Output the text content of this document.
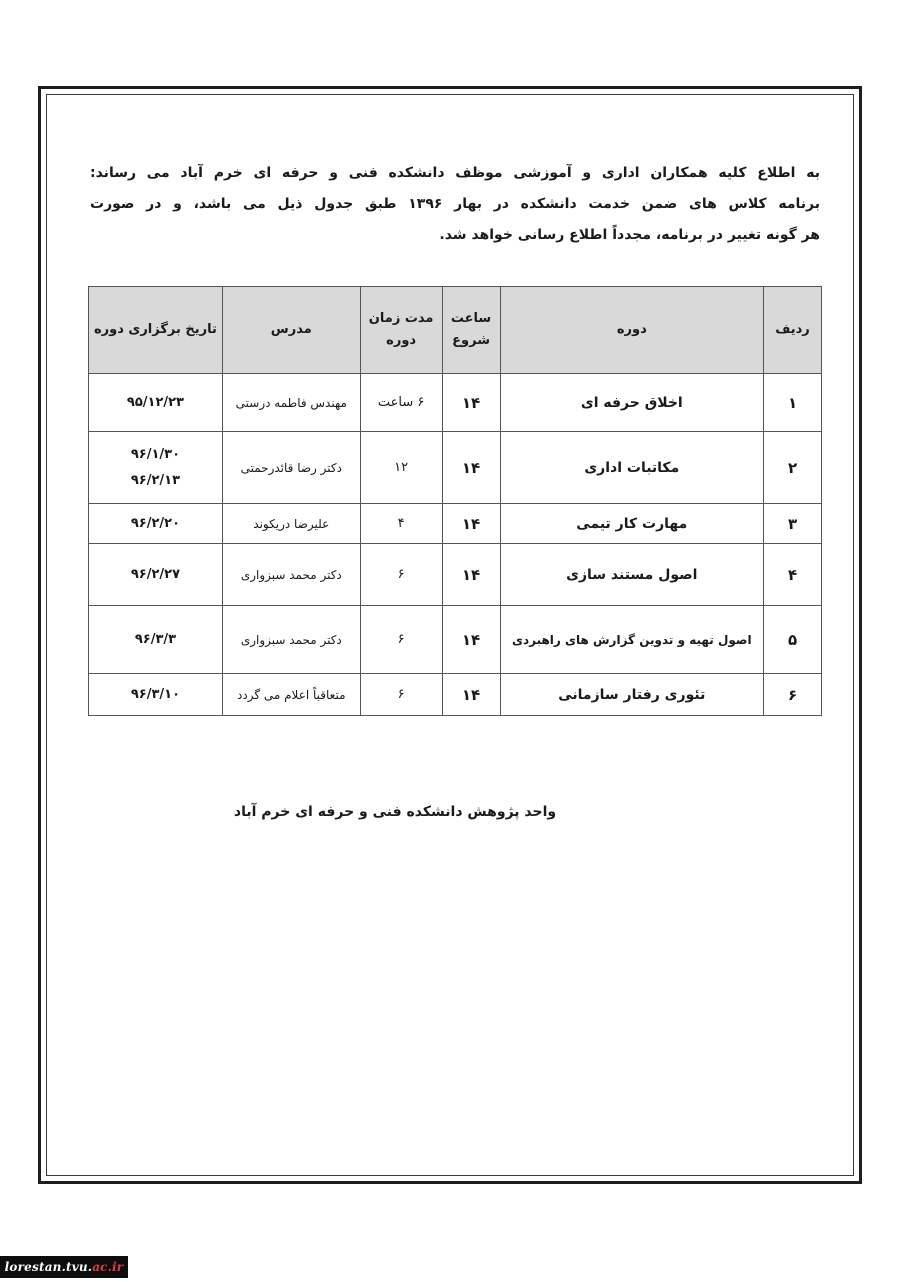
به اطلاع کلیه همکاران اداری و آموزشی موظف دانشکده فنی و حرفه ای خرم آباد می رساند:
برنامه کلاس های ضمن خدمت دانشکده در بهار ۱۳۹۶ طبق جدول ذیل می باشد، و در صورت
هر گونه تغییر در برنامه، مجدداً اطلاع رسانی خواهد شد.
ردیف	دوره	ساعت شروع	مدت زمان دوره	مدرس	تاریخ برگزاری دوره
۱	اخلاق حرفه ای	۱۴	۶ ساعت	مهندس فاطمه درستی	۹۵/۱۲/۲۳
۲	مکاتبات اداری	۱۴	۱۲	دکتر رضا قائدرحمتی	۹۶/۱/۳۰
۹۶/۲/۱۳

۳	مهارت کار تیمی	۱۴	۴	علیرضا دریکوند	۹۶/۲/۲۰
۴	اصول مستند سازی	۱۴	۶	دکتر محمد سبزواری	۹۶/۲/۲۷
۵	اصول تهیه و تدوین گزارش های راهبردی	۱۴	۶	دکتر محمد سبزواری	۹۶/۳/۳
۶	تئوری رفتار سازمانی	۱۴	۶	متعاقباً اعلام می گردد	۹۶/۳/۱۰
واحد پژوهش دانشکده فنی و حرفه ای خرم آباد
lorestan.tvu.ac.ir
